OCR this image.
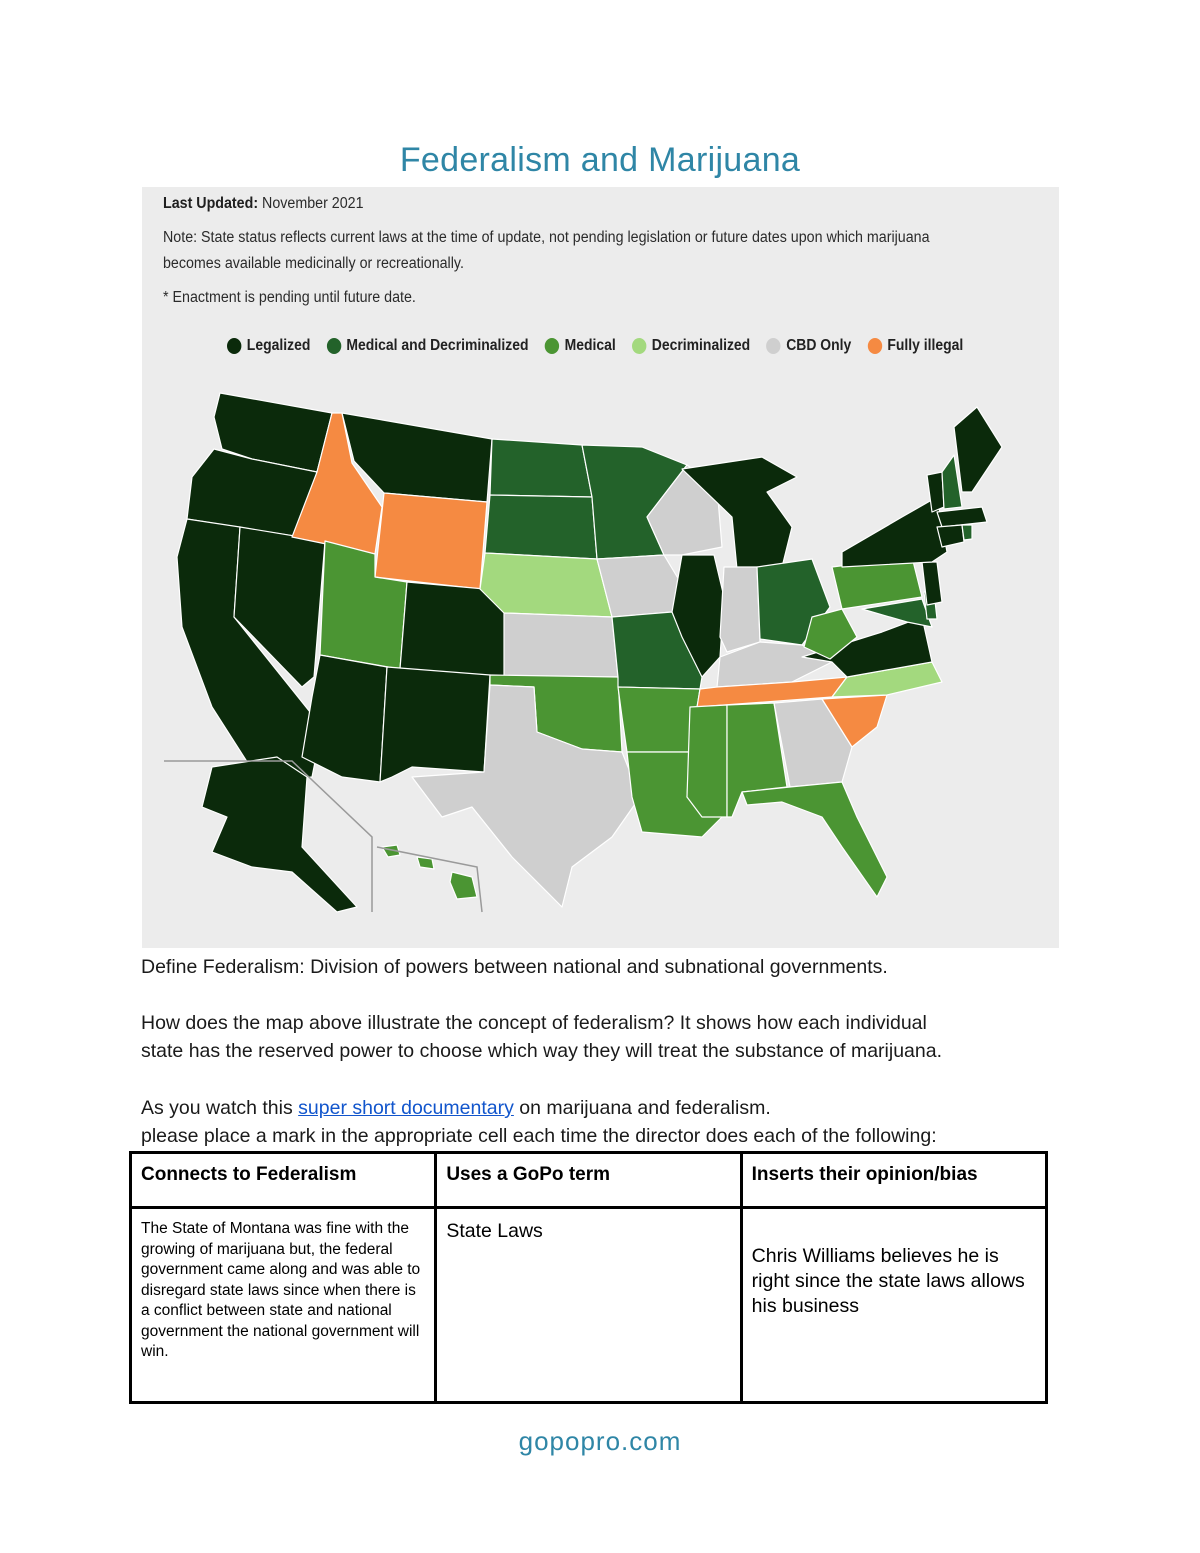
Federalism and Marijuana
Last Updated: November 2021
Note: State status reflects current laws at the time of update, not pending legislation or future dates upon which marijuana
becomes available medicinally or recreationally.
* Enactment is pending until future date.
Legalized Medical and Decriminalized Medical Decriminalized CBD Only Fully illegal
Define Federalism: Division of powers between national and subnational governments.
How does the map above illustrate the concept of federalism? It shows how each individual
state has the reserved power to choose which way they will treat the substance of marijuana.
As you watch this super short documentary on marijuana and federalism.
please place a mark in the appropriate cell each time the director does each of the following:
Connects to Federalism	Uses a GoPo term	Inserts their opinion/bias
The State of Montana was fine with the growing of marijuana but, the federal government came along and was able to disregard state laws since when there is a conflict between state and national government the national government will win.	State Laws	Chris Williams believes he is right since the state laws allows his business
gopopro.com
